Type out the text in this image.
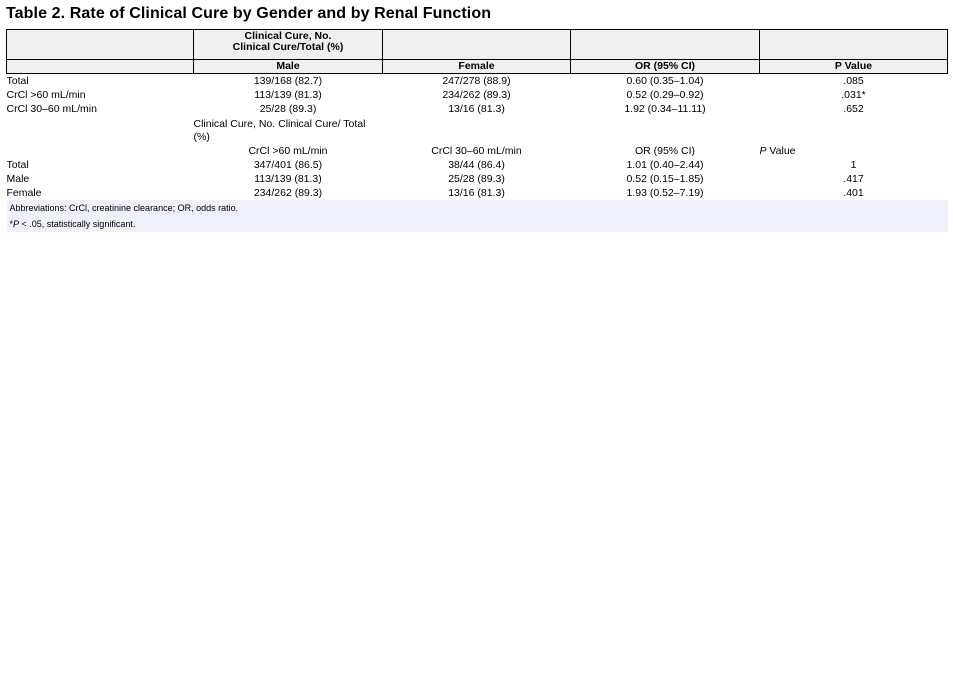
Table 2. Rate of Clinical Cure by Gender and by Renal Function
	Clinical Cure, No.
Clinical Cure/Total (%)			
	Male	Female	OR (95% CI)	P Value
Total	139/168 (82.7)	247/278 (88.9)	0.60 (0.35–1.04)	.085
CrCl >60 mL/min	113/139 (81.3)	234/262 (89.3)	0.52 (0.29–0.92)	.031*
CrCl 30–60 mL/min	25/28 (89.3)	13/16 (81.3)	1.92 (0.34–11.11)	.652

	Clinical Cure, No. Clinical Cure/ Total (%)			

	CrCl >60 mL/min	CrCl 30–60 mL/min	OR (95% CI)	P Value
Total	347/401 (86.5)	38/44 (86.4)	1.01 (0.40–2.44)	1
Male	113/139 (81.3)	25/28 (89.3)	0.52 (0.15–1.85)	.417
Female	234/262 (89.3)	13/16 (81.3)	1.93 (0.52–7.19)	.401
Abbreviations: CrCl, creatinine clearance; OR, odds ratio.				
*P < .05, statistically significant.				
